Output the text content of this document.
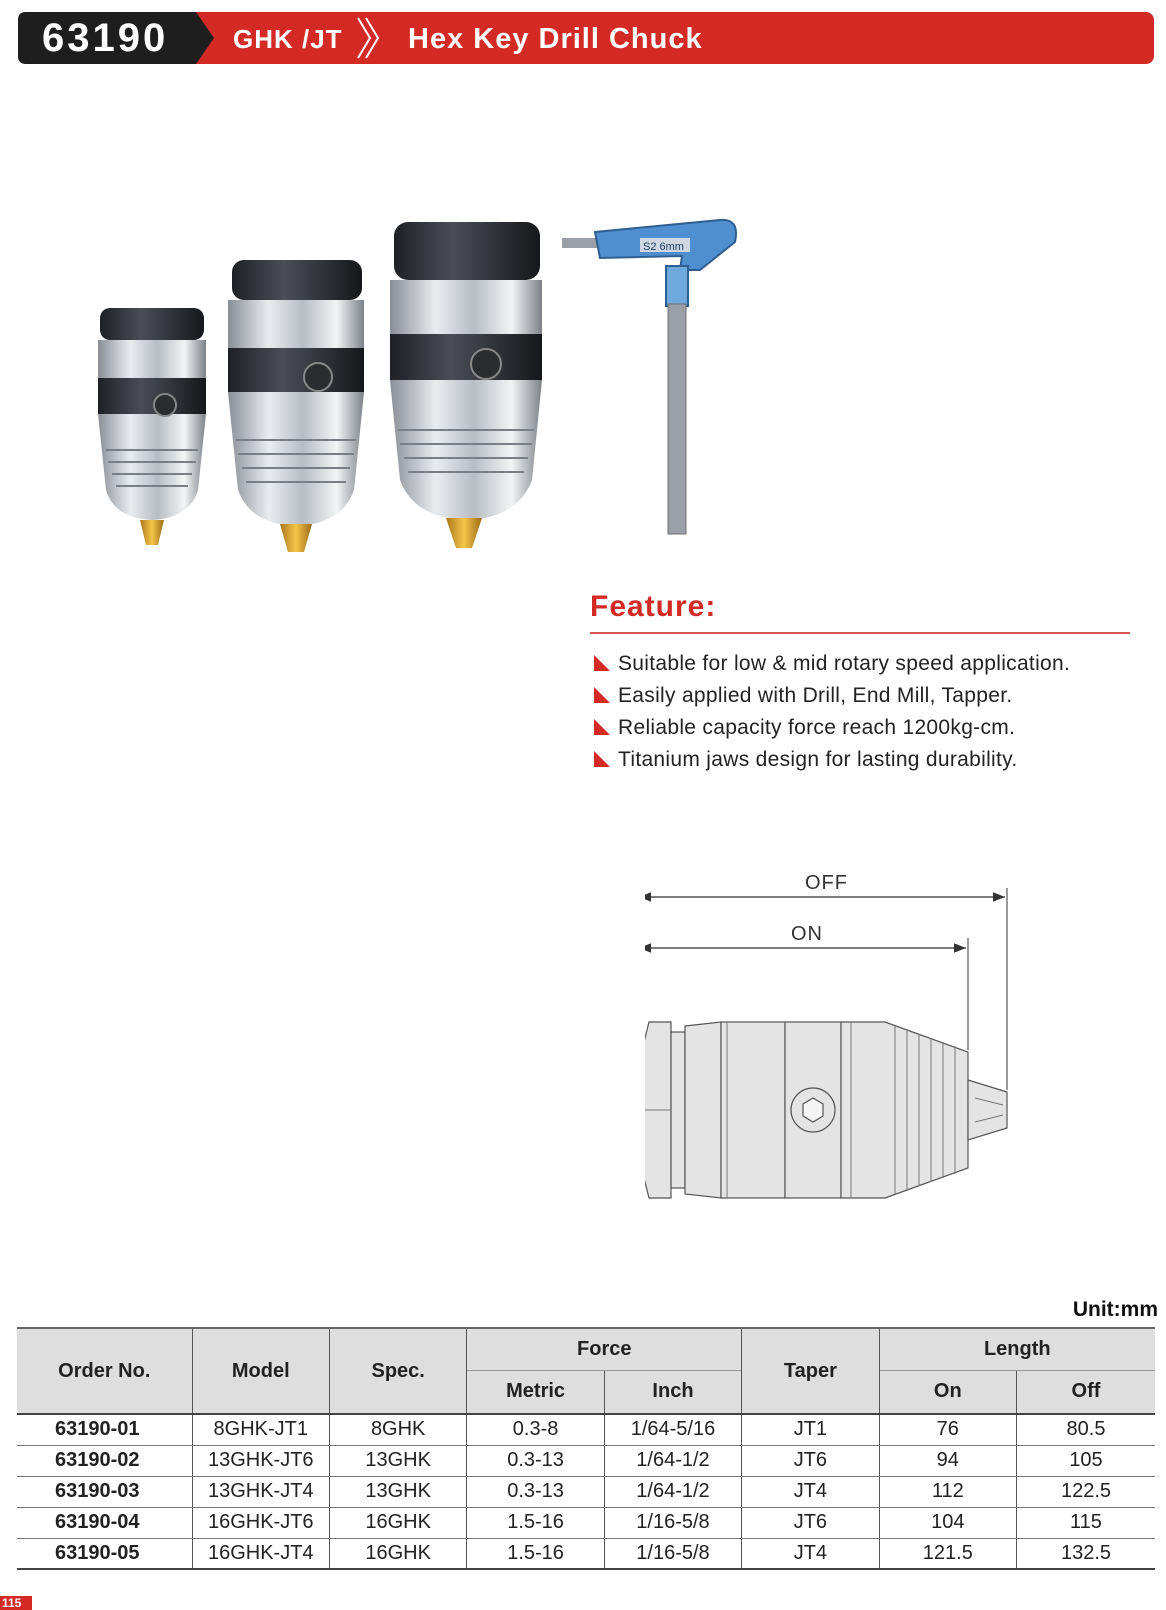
63190 GHK /JT Hex Key Drill Chuck
S2 6mm
Feature:
Suitable for low & mid rotary speed application.
Easily applied with Drill, End Mill, Tapper.
Reliable capacity force reach 1200kg-cm.
Titanium jaws design for lasting durability.
OFF
ON
Unit:mm
Order No.	Model	Spec.	Force		Taper	Length	
			Metric	Inch		On	Off
63190-01	8GHK-JT1	8GHK	0.3-8	1/64-5/16	JT1	76	80.5
63190-02	13GHK-JT6	13GHK	0.3-13	1/64-1/2	JT6	94	105
63190-03	13GHK-JT4	13GHK	0.3-13	1/64-1/2	JT4	112	122.5
63190-04	16GHK-JT6	16GHK	1.5-16	1/16-5/8	JT6	104	115
63190-05	16GHK-JT4	16GHK	1.5-16	1/16-5/8	JT4	121.5	132.5
115
